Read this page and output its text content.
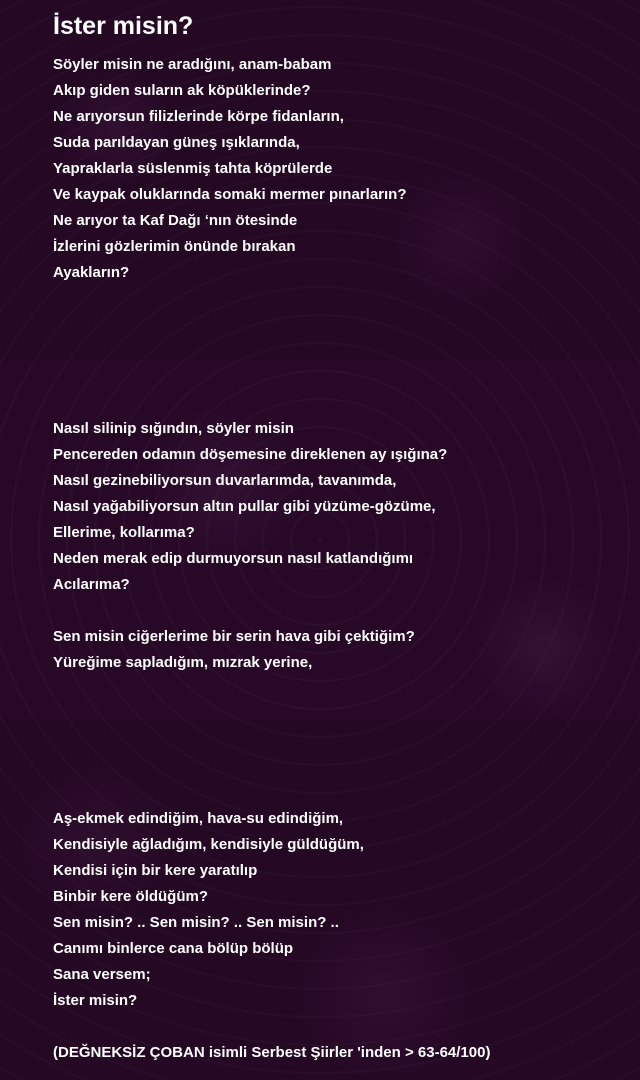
İster misin?
Söyler misin ne aradığını, anam-babam
Akıp giden suların ak köpüklerinde?
Ne arıyorsun filizlerinde körpe fidanların,
Suda parıldayan güneş ışıklarında,
Yapraklarla süslenmiş tahta köprülerde
Ve kaypak oluklarında somaki mermer pınarların?
Ne arıyor ta Kaf Dağı ‘nın ötesinde
İzlerini gözlerimin önünde bırakan
Ayakların?
Nasıl silinip sığındın, söyler misin
Pencereden odamın döşemesine direklenen ay ışığına?
Nasıl gezinebiliyorsun duvarlarımda, tavanımda,
Nasıl yağabiliyorsun altın pullar gibi yüzüme-gözüme,
Ellerime, kollarıma?
Neden merak edip durmuyorsun nasıl katlandığımı
Acılarıma?
Sen misin ciğerlerime bir serin hava gibi çektiğim?
Yüreğime sapladığım, mızrak yerine,
Aş-ekmek edindiğim, hava-su edindiğim,
Kendisiyle ağladığım, kendisiyle güldüğüm,
Kendisi için bir kere yaratılıp
Binbir kere öldüğüm?
Sen misin? .. Sen misin? .. Sen misin? ..
Canımı binlerce cana bölüp bölüp
Sana versem;
İster misin?
(DEĞNEKSİZ ÇOBAN isimli Serbest Şiirler 'inden > 63-64/100)
